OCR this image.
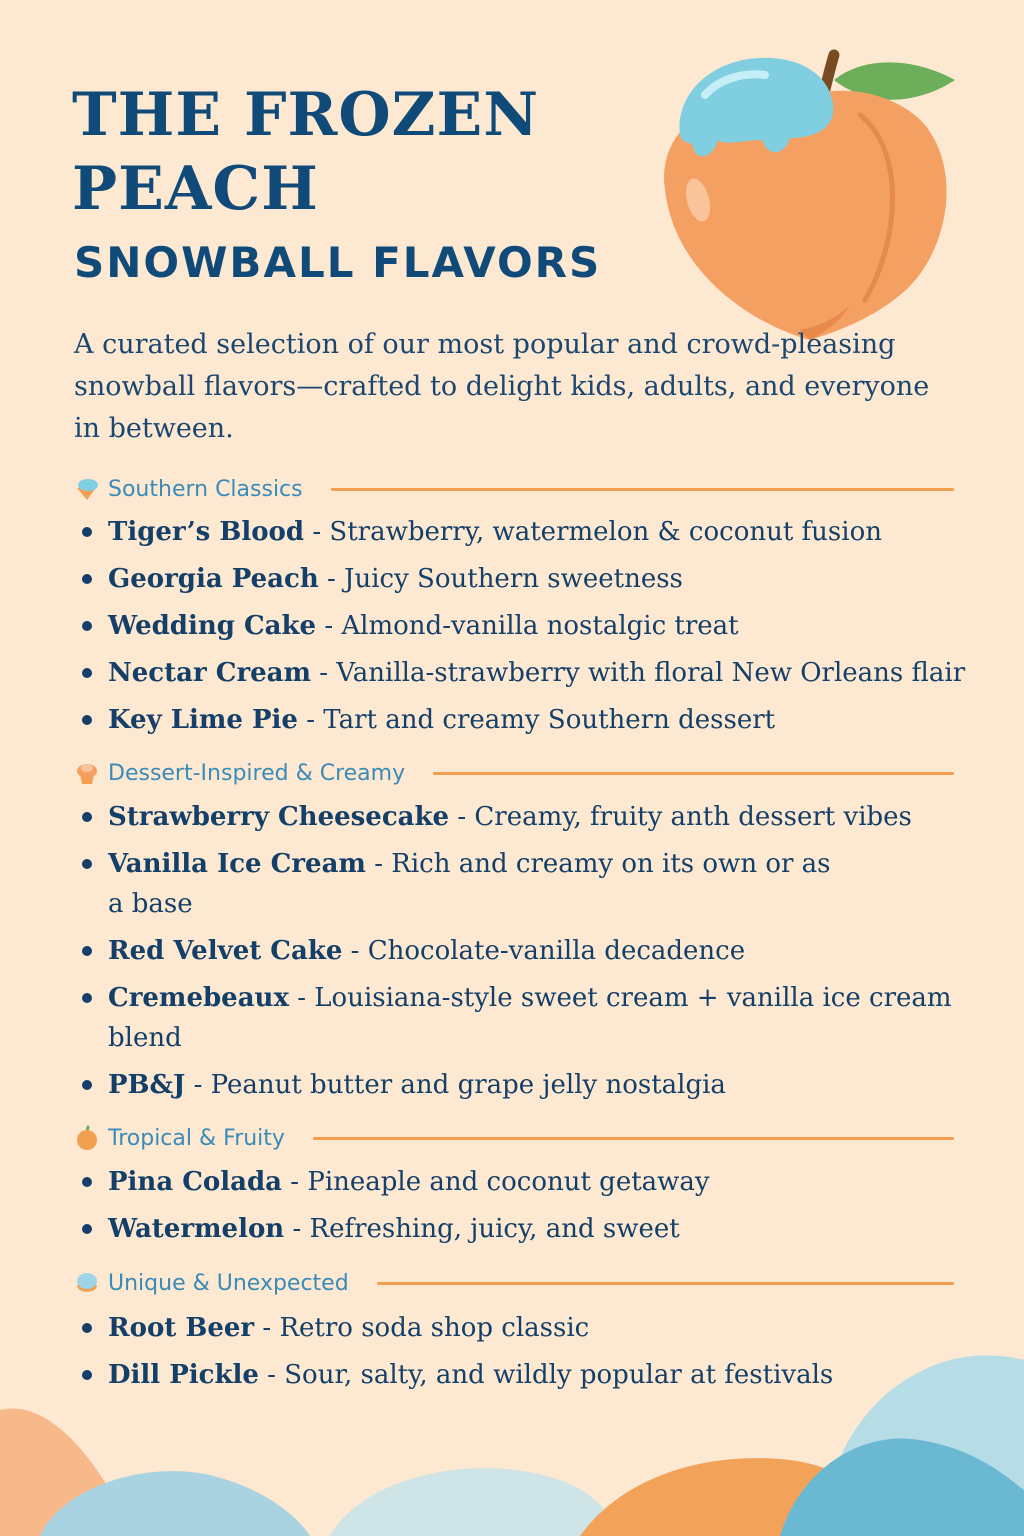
THE FROZEN PEACH
SNOWBALL FLAVORS

A curated selection of our most popular and crowd-pleasing snowball flavors—crafted to delight kids, adults, and everyone in between.

Southern Classics
Tiger’s Blood - Strawberry, watermelon & coconut fusion
Georgia Peach - Juicy Southern sweetness
Wedding Cake - Almond-vanilla nostalgic treat
Nectar Cream - Vanilla-strawberry with floral New Orleans flair
Key Lime Pie - Tart and creamy Southern dessert
Dessert-Inspired & Creamy
Strawberry Cheesecake - Creamy, fruity anth dessert vibes
Vanilla Ice Cream - Rich and creamy on its own or as a base
Red Velvet Cake - Chocolate-vanilla decadence
Cremebeaux - Louisiana-style sweet cream + vanilla ice cream blend
PB&J - Peanut butter and grape jelly nostalgia
Tropical & Fruity
Pina Colada - Pineaple and coconut getaway
Watermelon - Refreshing, juicy, and sweet
Unique & Unexpected
Root Beer - Retro soda shop classic
Dill Pickle - Sour, salty, and wildly popular at festivals
